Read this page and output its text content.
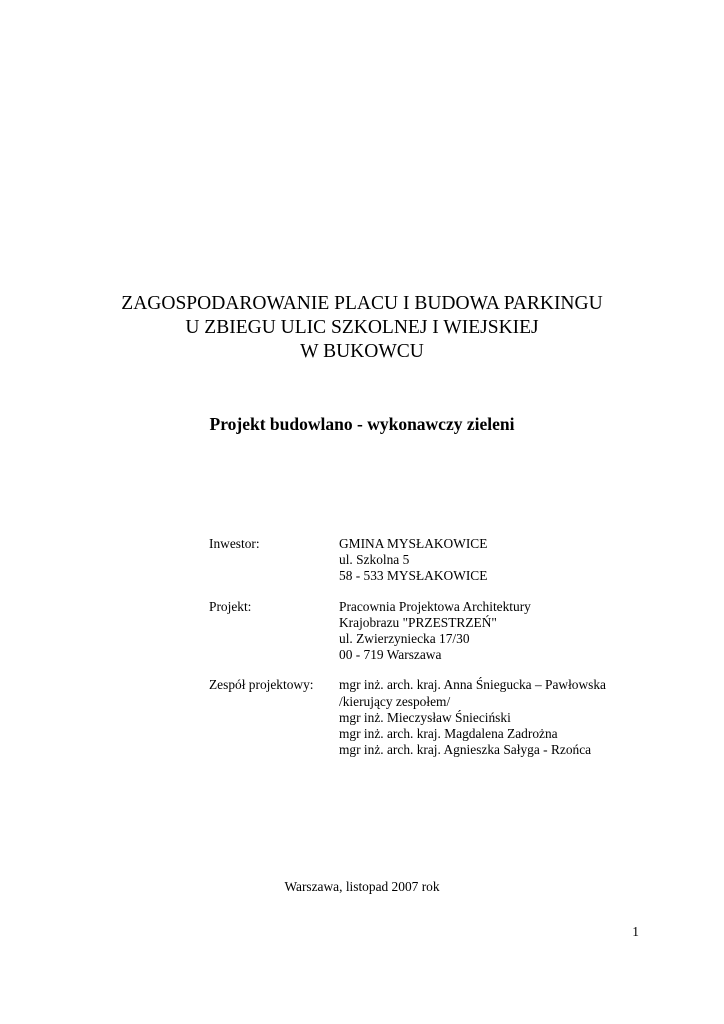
ZAGOSPODAROWANIE PLACU I BUDOWA PARKINGU
U ZBIEGU ULIC SZKOLNEJ I WIEJSKIEJ
W BUKOWCU
Projekt budowlano - wykonawczy zieleni
Inwestor:	GMINA MYSŁAKOWICE
ul. Szkolna 5
58 - 533 MYSŁAKOWICE
Projekt:	Pracownia Projektowa Architektury
Krajobrazu "PRZESTRZEŃ"
ul. Zwierzyniecka 17/30
00 - 719 Warszawa
Zespół projektowy:	mgr inż. arch. kraj. Anna Śniegucka – Pawłowska
/kierujący zespołem/
mgr inż. Mieczysław Śnieciński
mgr inż. arch. kraj. Magdalena Zadrożna
mgr inż. arch. kraj. Agnieszka Sałyga - Rzońca
Warszawa, listopad 2007 rok
1
